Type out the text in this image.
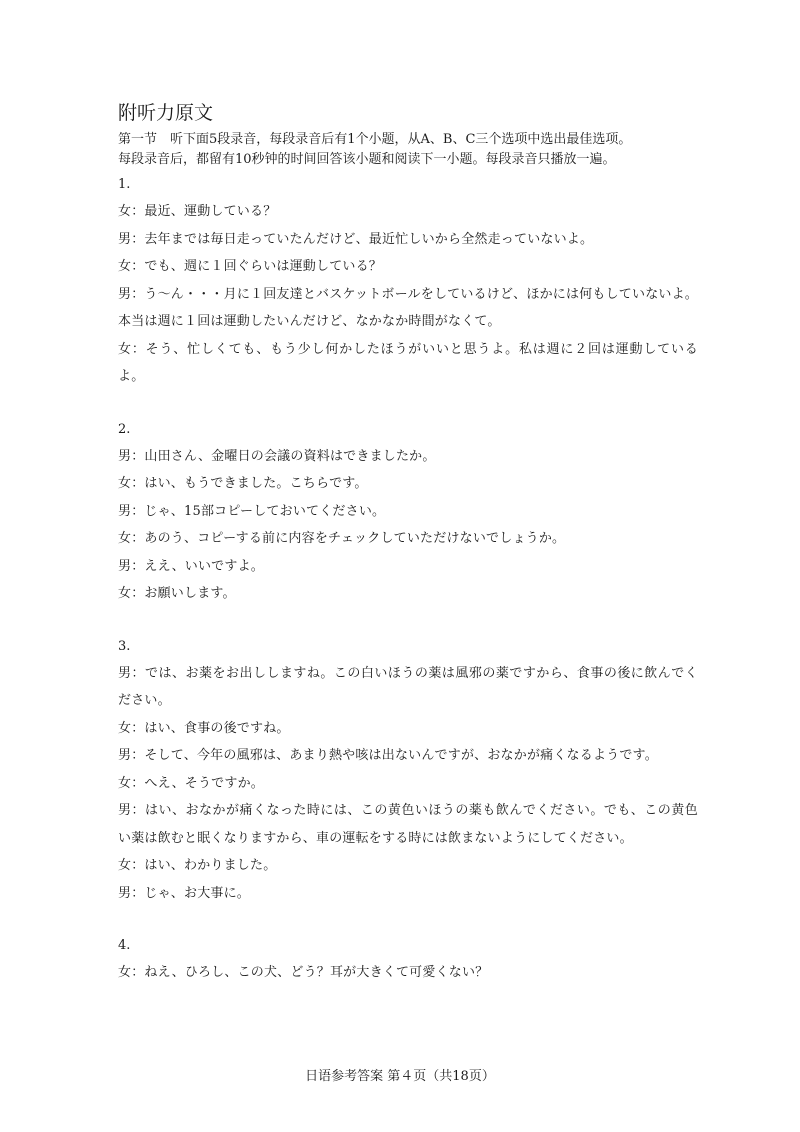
附听力原文
第一节　听下面5段录音，每段录音后有1个小题，从A、B、C三个选项中选出最佳选项。
每段录音后，都留有10秒钟的时间回答该小题和阅读下一小题。每段录音只播放一遍。

1.

女：最近、運動している？

男：去年までは毎日走っていたんだけど、最近忙しいから全然走っていないよ。

女：でも、週に１回ぐらいは運動している？

男：う～ん・・・月に１回友達とバスケットボールをしているけど、ほかには何もしていないよ。本当は週に１回は運動したいんだけど、なかなか時間がなくて。

女：そう、忙しくても、もう少し何かしたほうがいいと思うよ。私は週に２回は運動しているよ。

2.

男：山田さん、金曜日の会議の資料はできましたか。

女：はい、もうできました。こちらです。

男：じゃ、15部コピーしておいてください。

女：あのう、コピーする前に内容をチェックしていただけないでしょうか。

男：ええ、いいですよ。

女：お願いします。

3.

男：では、お薬をお出ししますね。この白いほうの薬は風邪の薬ですから、食事の後に飲んでください。

女：はい、食事の後ですね。

男：そして、今年の風邪は、あまり熱や咳は出ないんですが、おなかが痛くなるようです。

女：へえ、そうですか。

男：はい、おなかが痛くなった時には、この黄色いほうの薬も飲んでください。でも、この黄色い薬は飲むと眠くなりますから、車の運転をする時には飲まないようにしてください。

女：はい、わかりました。

男：じゃ、お大事に。

4.

女：ねえ、ひろし、この犬、どう？耳が大きくて可愛くない？

日语参考答案 第４页（共18页）
